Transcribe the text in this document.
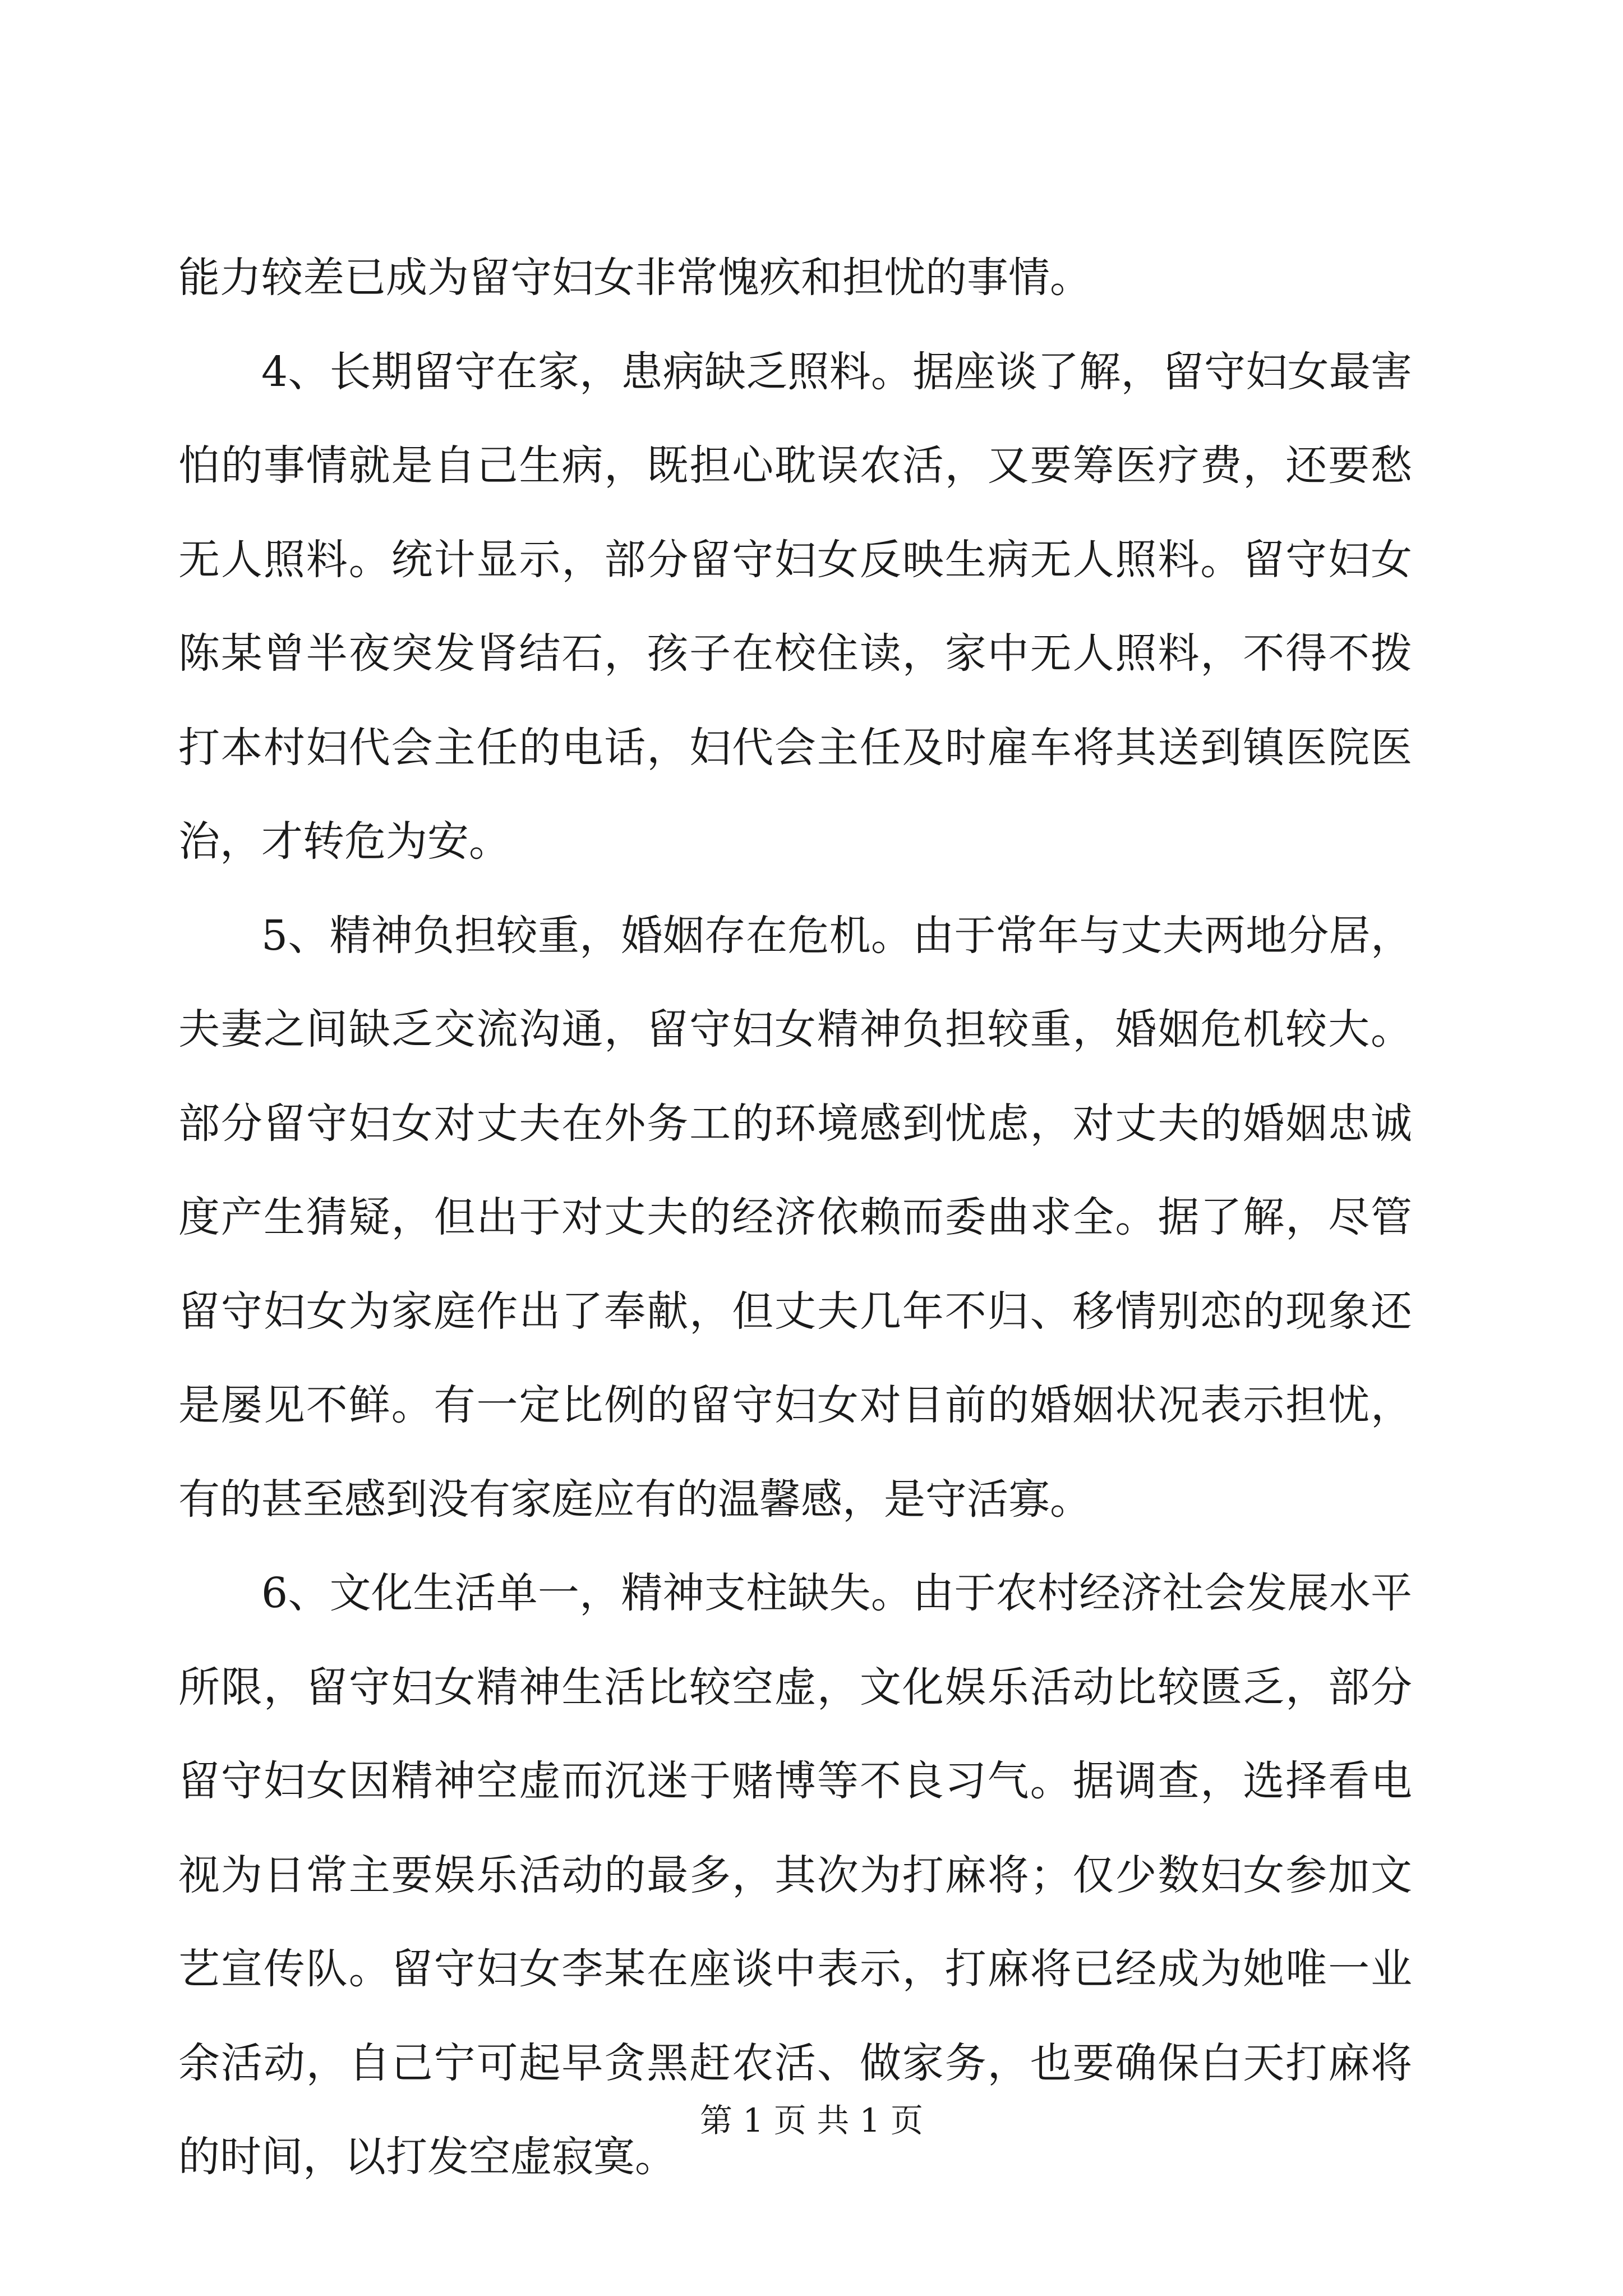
能力较差已成为留守妇女非常愧疚和担忧的事情。

4、长期留守在家，患病缺乏照料。据座谈了解，留守妇女最害怕的事情就是自己生病，既担心耽误农活，又要筹医疗费，还要愁无人照料。统计显示，部分留守妇女反映生病无人照料。留守妇女陈某曾半夜突发肾结石，孩子在校住读，家中无人照料，不得不拨打本村妇代会主任的电话，妇代会主任及时雇车将其送到镇医院医治，才转危为安。

5、精神负担较重，婚姻存在危机。由于常年与丈夫两地分居，夫妻之间缺乏交流沟通，留守妇女精神负担较重，婚姻危机较大。部分留守妇女对丈夫在外务工的环境感到忧虑，对丈夫的婚姻忠诚度产生猜疑，但出于对丈夫的经济依赖而委曲求全。据了解，尽管留守妇女为家庭作出了奉献，但丈夫几年不归、移情别恋的现象还是屡见不鲜。有一定比例的留守妇女对目前的婚姻状况表示担忧，有的甚至感到没有家庭应有的温馨感，是守活寡。

6、文化生活单一，精神支柱缺失。由于农村经济社会发展水平所限，留守妇女精神生活比较空虚，文化娱乐活动比较匮乏，部分留守妇女因精神空虚而沉迷于赌博等不良习气。据调查，选择看电视为日常主要娱乐活动的最多，其次为打麻将；仅少数妇女参加文艺宣传队。留守妇女李某在座谈中表示，打麻将已经成为她唯一业余活动，自己宁可起早贪黑赶农活、做家务，也要确保白天打麻将的时间，以打发空虚寂寞。

第 1 页 共 1 页
